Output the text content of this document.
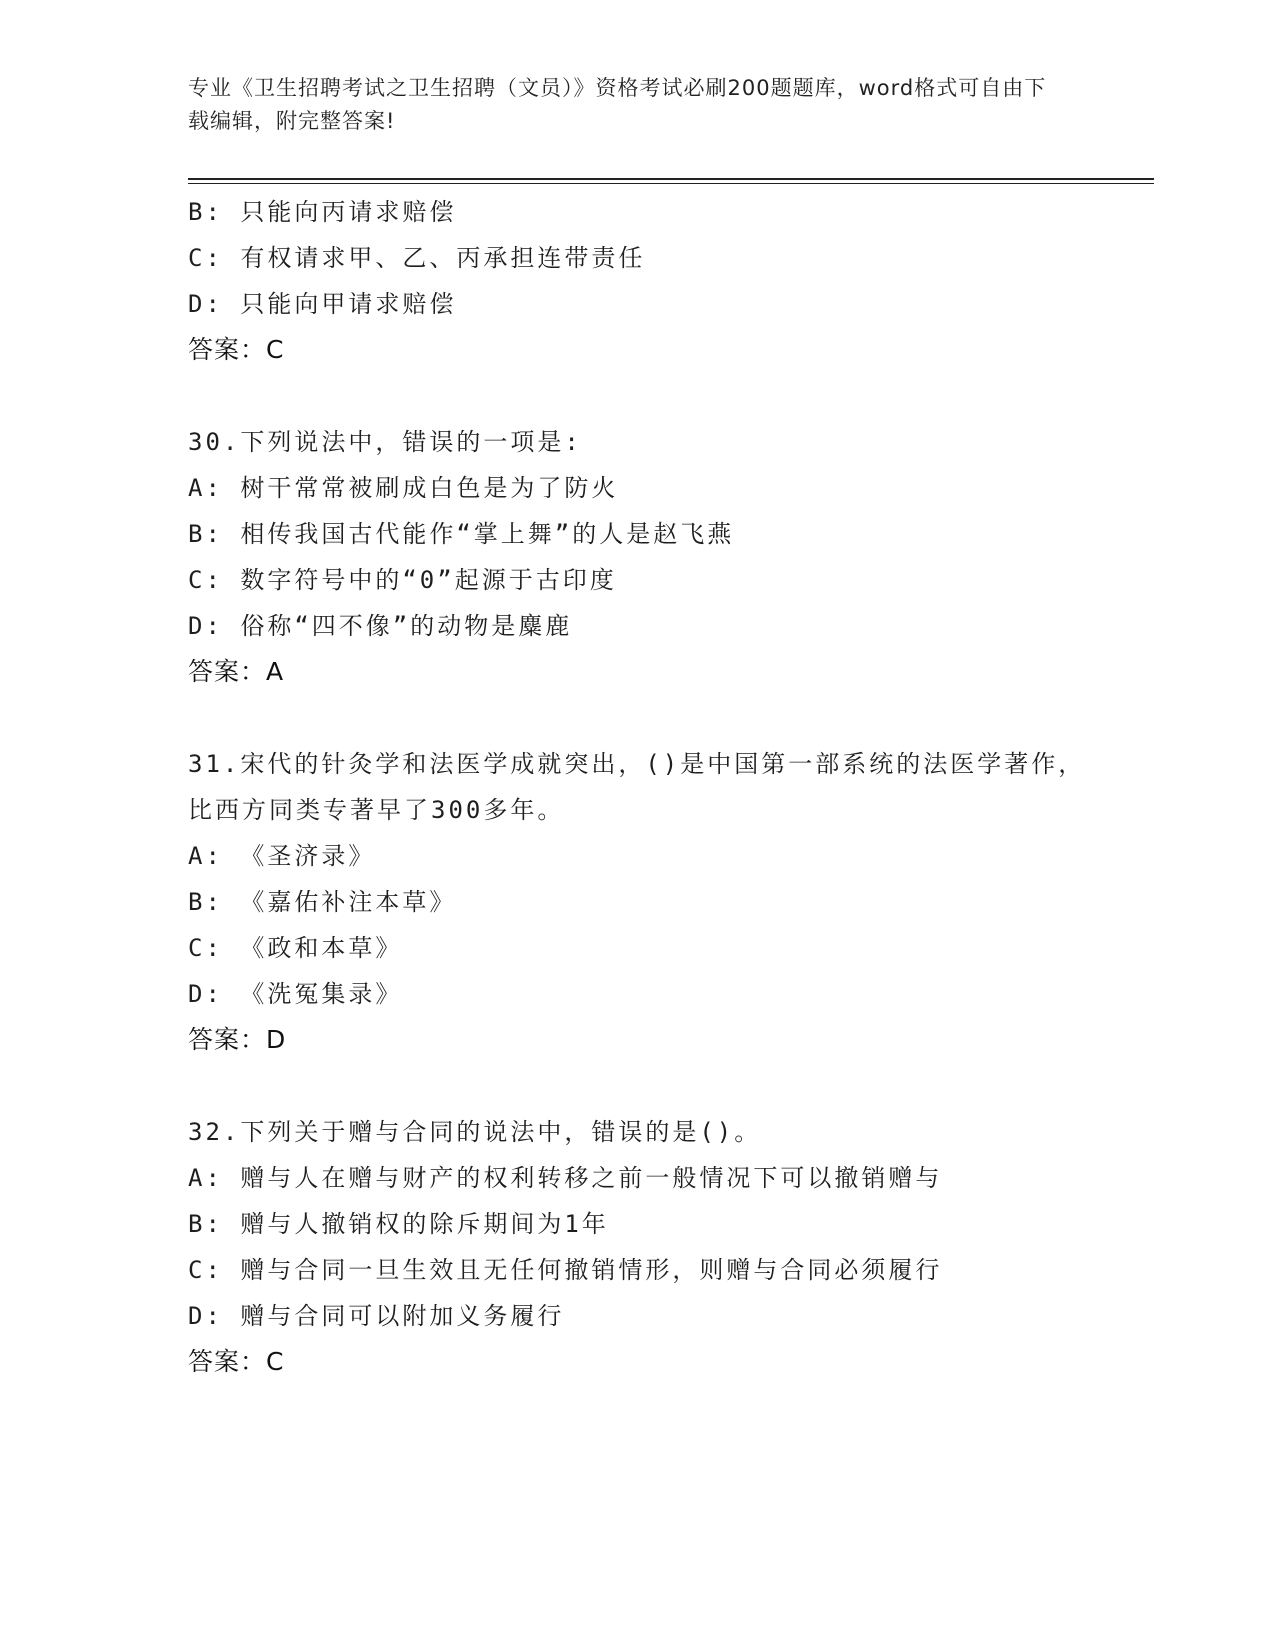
专业《卫生招聘考试之卫生招聘（文员）》资格考试必刷200题题库，word格式可自由下载编辑，附完整答案!
B: 只能向丙请求赔偿
C: 有权请求甲、乙、丙承担连带责任
D: 只能向甲请求赔偿
答案：C
30.下列说法中，错误的一项是:
A: 树干常常被刷成白色是为了防火
B: 相传我国古代能作“掌上舞”的人是赵飞燕
C: 数字符号中的“0”起源于古印度
D: 俗称“四不像”的动物是麋鹿
答案：A
31.宋代的针灸学和法医学成就突出，()是中国第一部系统的法医学著作，比西方同类专著早了300多年。
A: 《圣济录》
B: 《嘉佑补注本草》
C: 《政和本草》
D: 《洗冤集录》
答案：D
32.下列关于赠与合同的说法中，错误的是()。
A: 赠与人在赠与财产的权利转移之前一般情况下可以撤销赠与
B: 赠与人撤销权的除斥期间为1年
C: 赠与合同一旦生效且无任何撤销情形，则赠与合同必须履行
D: 赠与合同可以附加义务履行
答案：C
